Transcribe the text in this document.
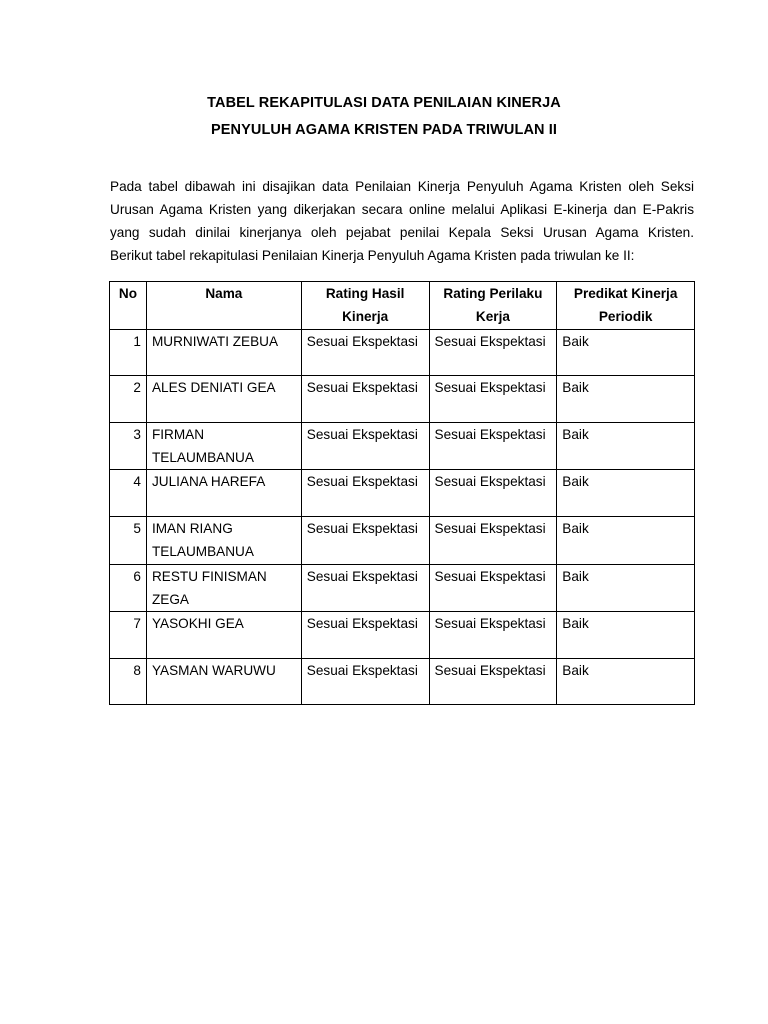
TABEL REKAPITULASI DATA PENILAIAN KINERJA
PENYULUH AGAMA KRISTEN PADA TRIWULAN II
Pada tabel dibawah ini disajikan data Penilaian Kinerja Penyuluh Agama Kristen oleh Seksi
Urusan Agama Kristen yang dikerjakan secara online melalui Aplikasi E-kinerja dan E-Pakris
yang sudah dinilai kinerjanya oleh pejabat penilai Kepala Seksi Urusan Agama Kristen.
Berikut tabel rekapitulasi Penilaian Kinerja Penyuluh Agama Kristen pada triwulan ke II:
No	Nama	Rating Hasil Kinerja	Rating Perilaku Kerja	Predikat Kinerja Periodik
1	MURNIWATI ZEBUA	Sesuai Ekspektasi	Sesuai Ekspektasi	Baik
2	ALES DENIATI GEA	Sesuai Ekspektasi	Sesuai Ekspektasi	Baik
3	FIRMAN TELAUMBANUA	Sesuai Ekspektasi	Sesuai Ekspektasi	Baik
4	JULIANA HAREFA	Sesuai Ekspektasi	Sesuai Ekspektasi	Baik
5	IMAN RIANG TELAUMBANUA	Sesuai Ekspektasi	Sesuai Ekspektasi	Baik
6	RESTU FINISMAN ZEGA	Sesuai Ekspektasi	Sesuai Ekspektasi	Baik
7	YASOKHI GEA	Sesuai Ekspektasi	Sesuai Ekspektasi	Baik
8	YASMAN WARUWU	Sesuai Ekspektasi	Sesuai Ekspektasi	Baik
